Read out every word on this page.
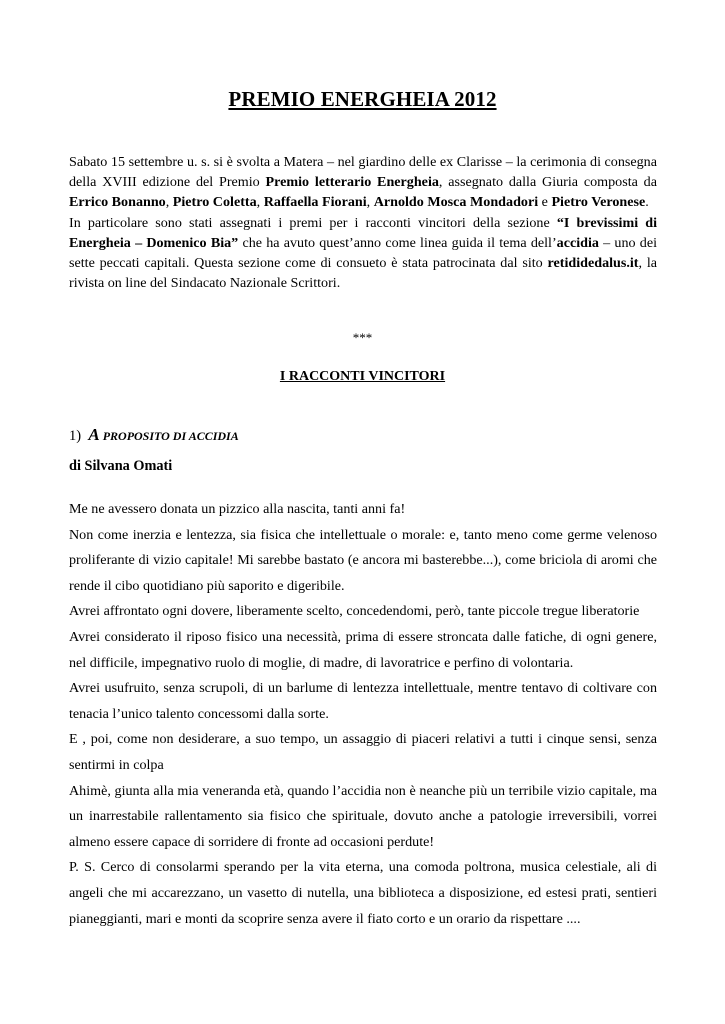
PREMIO ENERGHEIA 2012

Sabato 15 settembre u. s. si è svolta a Matera – nel giardino delle ex Clarisse – la cerimonia di consegna della XVIII edizione del Premio Premio letterario Energheia, assegnato dalla Giuria composta da Errico Bonanno, Pietro Coletta, Raffaella Fiorani, Arnoldo Mosca Mondadori e Pietro Veronese.

In particolare sono stati assegnati i premi per i racconti vincitori della sezione “I brevissimi di Energheia – Domenico Bia” che ha avuto quest’anno come linea guida il tema dell’accidia – uno dei sette peccati capitali. Questa sezione come di consueto è stata patrocinata dal sito retididedalus.it, la rivista on line del Sindacato Nazionale Scrittori.

***
I RACCONTI VINCITORI
1) A PROPOSITO DI ACCIDIA
di Silvana Omati

Me ne avessero donata un pizzico alla nascita, tanti anni fa!

Non come inerzia e lentezza, sia fisica che intellettuale o morale: e, tanto meno come germe velenoso proliferante di vizio capitale! Mi sarebbe bastato (e ancora mi basterebbe...), come briciola di aromi che rende il cibo quotidiano più saporito e digeribile.

Avrei affrontato ogni dovere, liberamente scelto, concedendomi, però, tante piccole tregue liberatorie

Avrei considerato il riposo fisico una necessità, prima di essere stroncata dalle fatiche, di ogni genere, nel difficile, impegnativo ruolo di moglie, di madre, di lavoratrice e perfino di volontaria.

Avrei usufruito, senza scrupoli, di un barlume di lentezza intellettuale, mentre tentavo di coltivare con tenacia l’unico talento concessomi dalla sorte.

E , poi, come non desiderare, a suo tempo, un assaggio di piaceri relativi a tutti i cinque sensi, senza sentirmi in colpa

Ahimè, giunta alla mia veneranda età, quando l’accidia non è neanche più un terribile vizio capitale, ma un inarrestabile rallentamento sia fisico che spirituale, dovuto anche a patologie irreversibili, vorrei almeno essere capace di sorridere di fronte ad occasioni perdute!

P. S. Cerco di consolarmi sperando per la vita eterna, una comoda poltrona, musica celestiale, ali di angeli che mi accarezzano, un vasetto di nutella, una biblioteca a disposizione, ed estesi prati, sentieri pianeggianti, mari e monti da scoprire senza avere il fiato corto e un orario da rispettare ....
